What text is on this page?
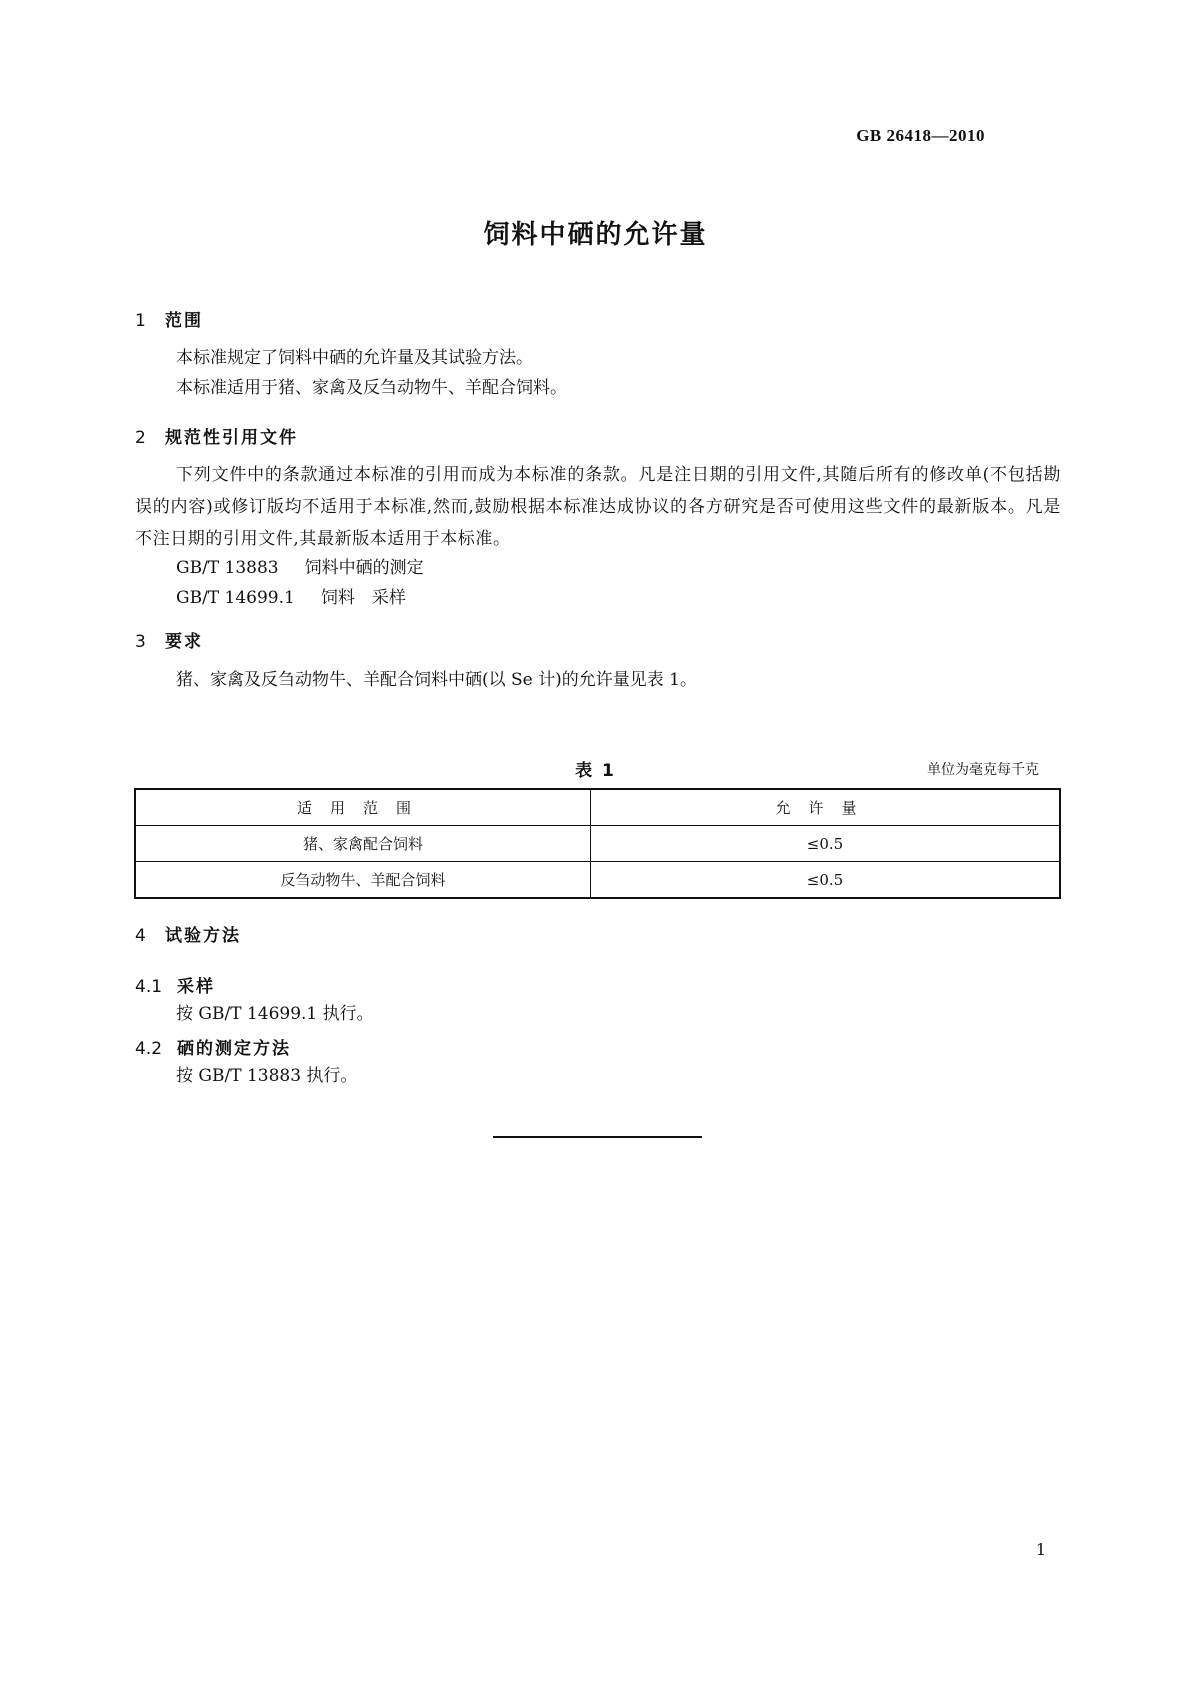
GB 26418—2010
饲料中硒的允许量
1 范围
本标准规定了饲料中硒的允许量及其试验方法。
本标准适用于猪、家禽及反刍动物牛、羊配合饲料。
2 规范性引用文件
下列文件中的条款通过本标准的引用而成为本标准的条款。凡是注日期的引用文件,其随后所有的修改单(不包括勘误的内容)或修订版均不适用于本标准,然而,鼓励根据本标准达成协议的各方研究是否可使用这些文件的最新版本。凡是不注日期的引用文件,其最新版本适用于本标准。
GB/T 13883 饲料中硒的测定
GB/T 14699.1 饲料　采样
3 要求
猪、家禽及反刍动物牛、羊配合饲料中硒(以 Se 计)的允许量见表 1。
表 1	单位为毫克每千克
适用范围	允许量
猪、家禽配合饲料	≤0.5
反刍动物牛、羊配合饲料	≤0.5
4 试验方法
4.1 采样
按 GB/T 14699.1 执行。
4.2 硒的测定方法
按 GB/T 13883 执行。
1
